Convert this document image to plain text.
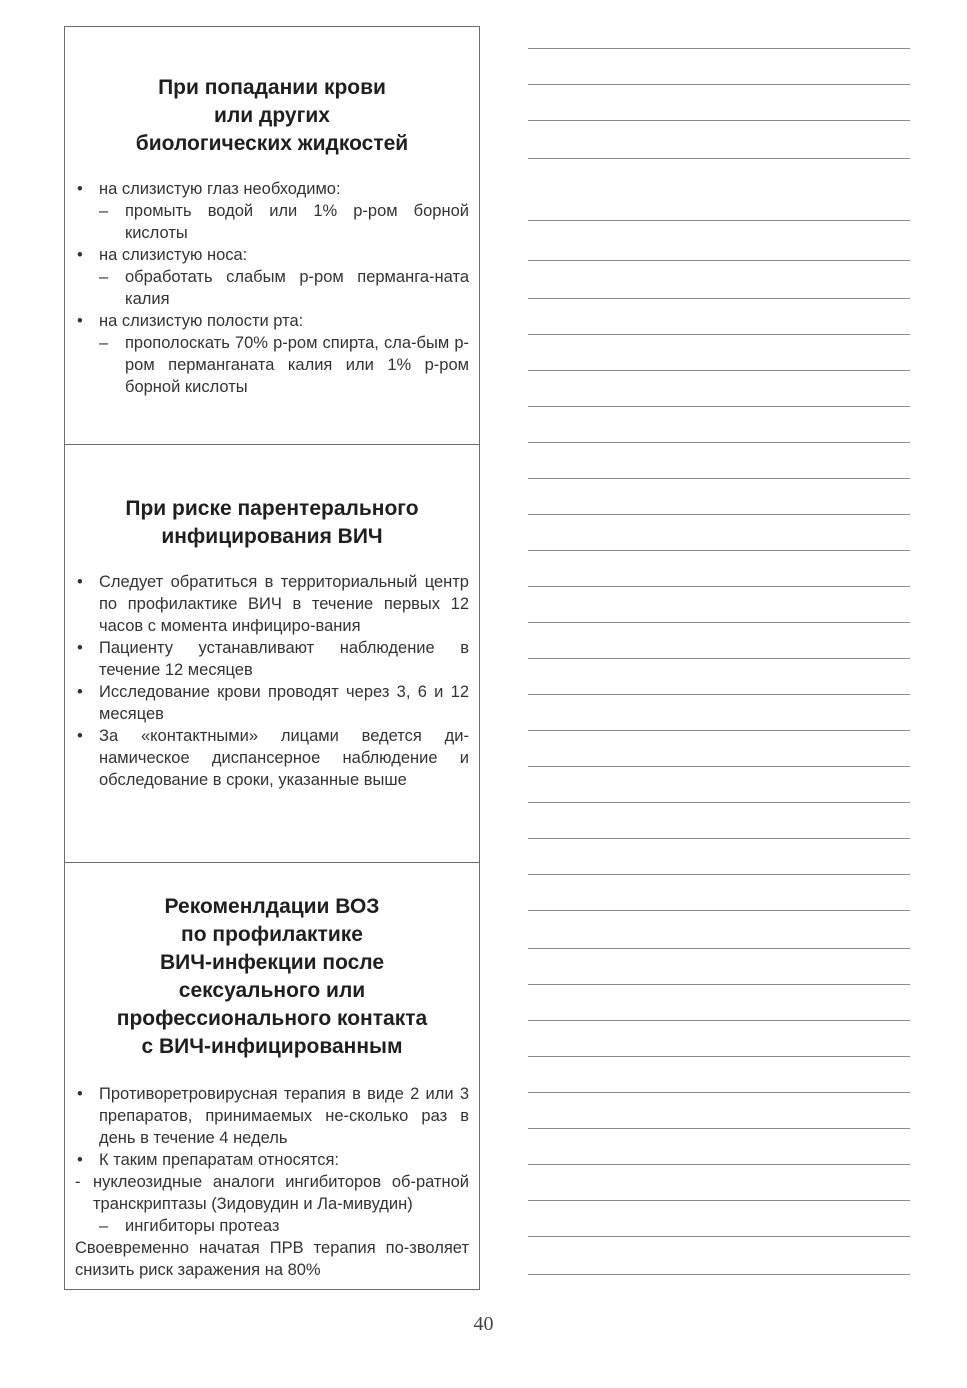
При попадании крови
или других
биологических жидкостей
• на слизистую глаз необходимо:
– промыть водой или 1% р-ром борной кислоты
• на слизистую носа:
– обработать слабым р-ром перманга-ната калия
• на слизистую полости рта:
– прополоскать 70% р-ром спирта, сла-бым р-ром перманганата калия или 1% р-ром борной кислоты
При риске парентерального
инфицирования ВИЧ
• Следует обратиться в территориальный центр по профилактике ВИЧ в течение первых 12 часов с момента инфициро-вания
• Пациенту устанавливают наблюдение в течение 12 месяцев
• Исследование крови проводят через 3, 6 и 12 месяцев
• За «контактными» лицами ведется ди-намическое диспансерное наблюдение и обследование в сроки, указанные выше
Рекоменлдации ВОЗ
по профилактике
ВИЧ-инфекции после
сексуального или
профессионального контакта
с ВИЧ-инфицированным
• Противоретровирусная терапия в виде 2 или 3 препаратов, принимаемых не-сколько раз в день в течение 4 недель
• К таким препаратам относятся:
- нуклеозидные аналоги ингибиторов об-ратной транскриптазы (Зидовудин и Ла-мивудин)
– ингибиторы протеаз
Своевременно начатая ПРВ терапия по-зволяет снизить риск заражения на 80%
40
